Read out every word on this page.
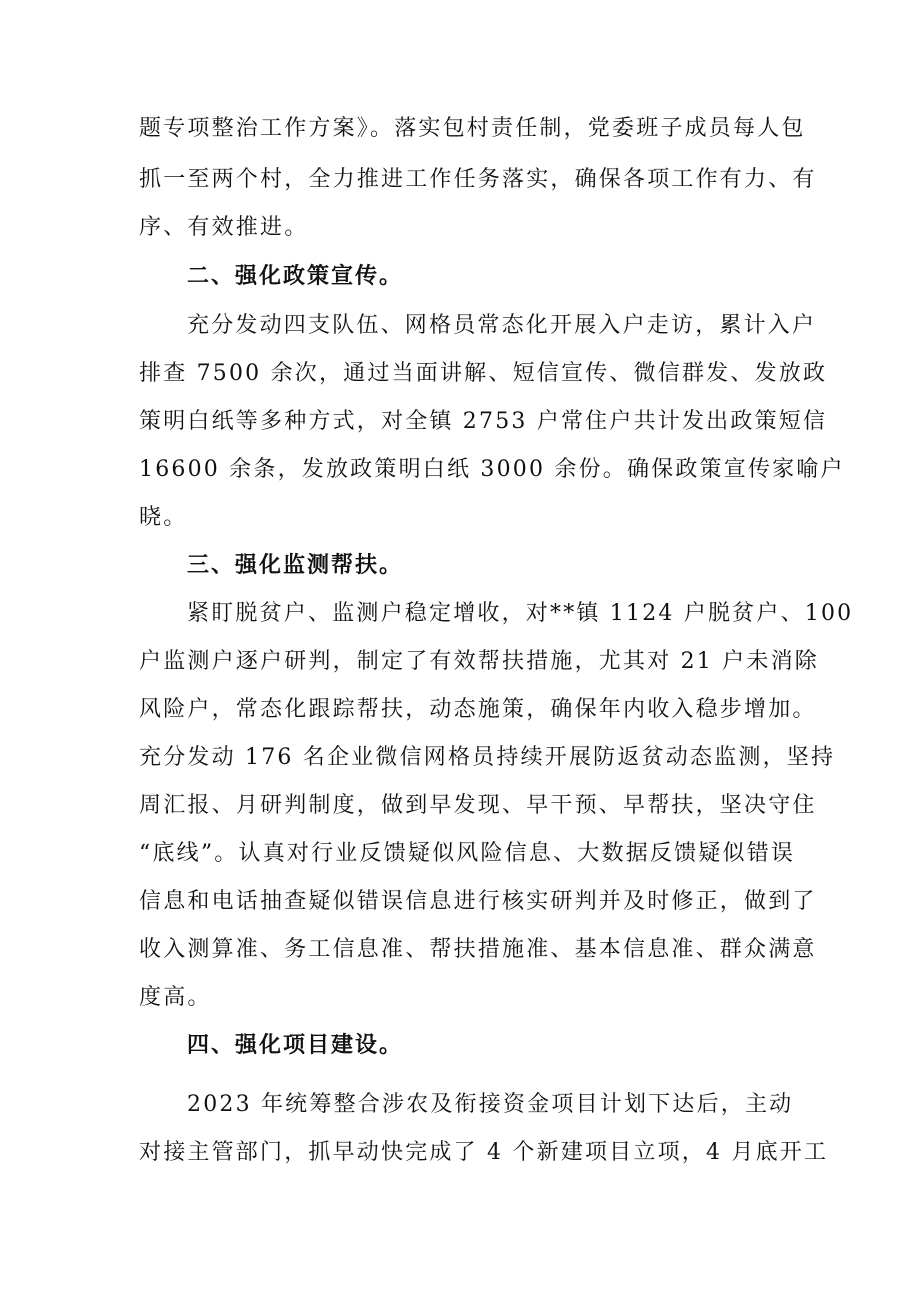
题专项整治工作方案》。落实包村责任制，党委班子成员每人包
抓一至两个村，全力推进工作任务落实，确保各项工作有力、有
序、有效推进。
二、强化政策宣传。
充分发动四支队伍、网格员常态化开展入户走访，累计入户
排查 7500 余次，通过当面讲解、短信宣传、微信群发、发放政
策明白纸等多种方式，对全镇 2753 户常住户共计发出政策短信
16600 余条，发放政策明白纸 3000 余份。确保政策宣传家喻户
晓。
三、强化监测帮扶。
紧盯脱贫户、监测户稳定增收，对**镇 1124 户脱贫户、100
户监测户逐户研判，制定了有效帮扶措施，尤其对 21 户未消除
风险户，常态化跟踪帮扶，动态施策，确保年内收入稳步增加。
充分发动 176 名企业微信网格员持续开展防返贫动态监测，坚持
周汇报、月研判制度，做到早发现、早干预、早帮扶，坚决守住
“底线”。认真对行业反馈疑似风险信息、大数据反馈疑似错误
信息和电话抽查疑似错误信息进行核实研判并及时修正，做到了
收入测算准、务工信息准、帮扶措施准、基本信息准、群众满意
度高。
四、强化项目建设。
2023 年统筹整合涉农及衔接资金项目计划下达后，主动
对接主管部门，抓早动快完成了 4 个新建项目立项，4 月底开工
